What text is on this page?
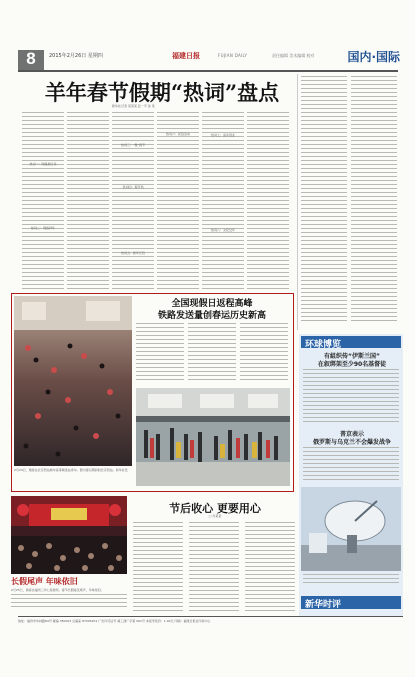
8	2015年2月26日 星期四	福建日报	FUJIAN DAILY	责任编辑 美术编辑 校对	国内·国际
羊年春节假期“热词”盘点
新华社记者 某某某 张一平 孙 某
热词一：网络抢红包
热词二：网络拜年
热词三：“微”春节
热词四：春节档
热词五：新年红包
热词六：民俗活动	热词七：返乡创业
热词八：文化过年
2月24日，旅客在北京西站候车室等候进站乘车。图为春运期间的北京西站。新华社发
全国现假日返程高峰
铁路发送量创春运历史新高
长假尾声 年味依旧
2月25日，游客在福州三坊七巷游玩。春节长假接近尾声，年味依旧。
节后收心 更要用心
□ 许某某
环球博览
有組织传“伊斯兰国”
在叙绑架至少90名基督徒
普京表示
俄罗斯与乌克兰不会爆发战争
新华时评
地址：福州市华林路84号 邮编 350003 总编室 87095201 广告许可证号 闽工商广字第 001号 本报零售价：1.00元 印刷：福建日报社印务中心
